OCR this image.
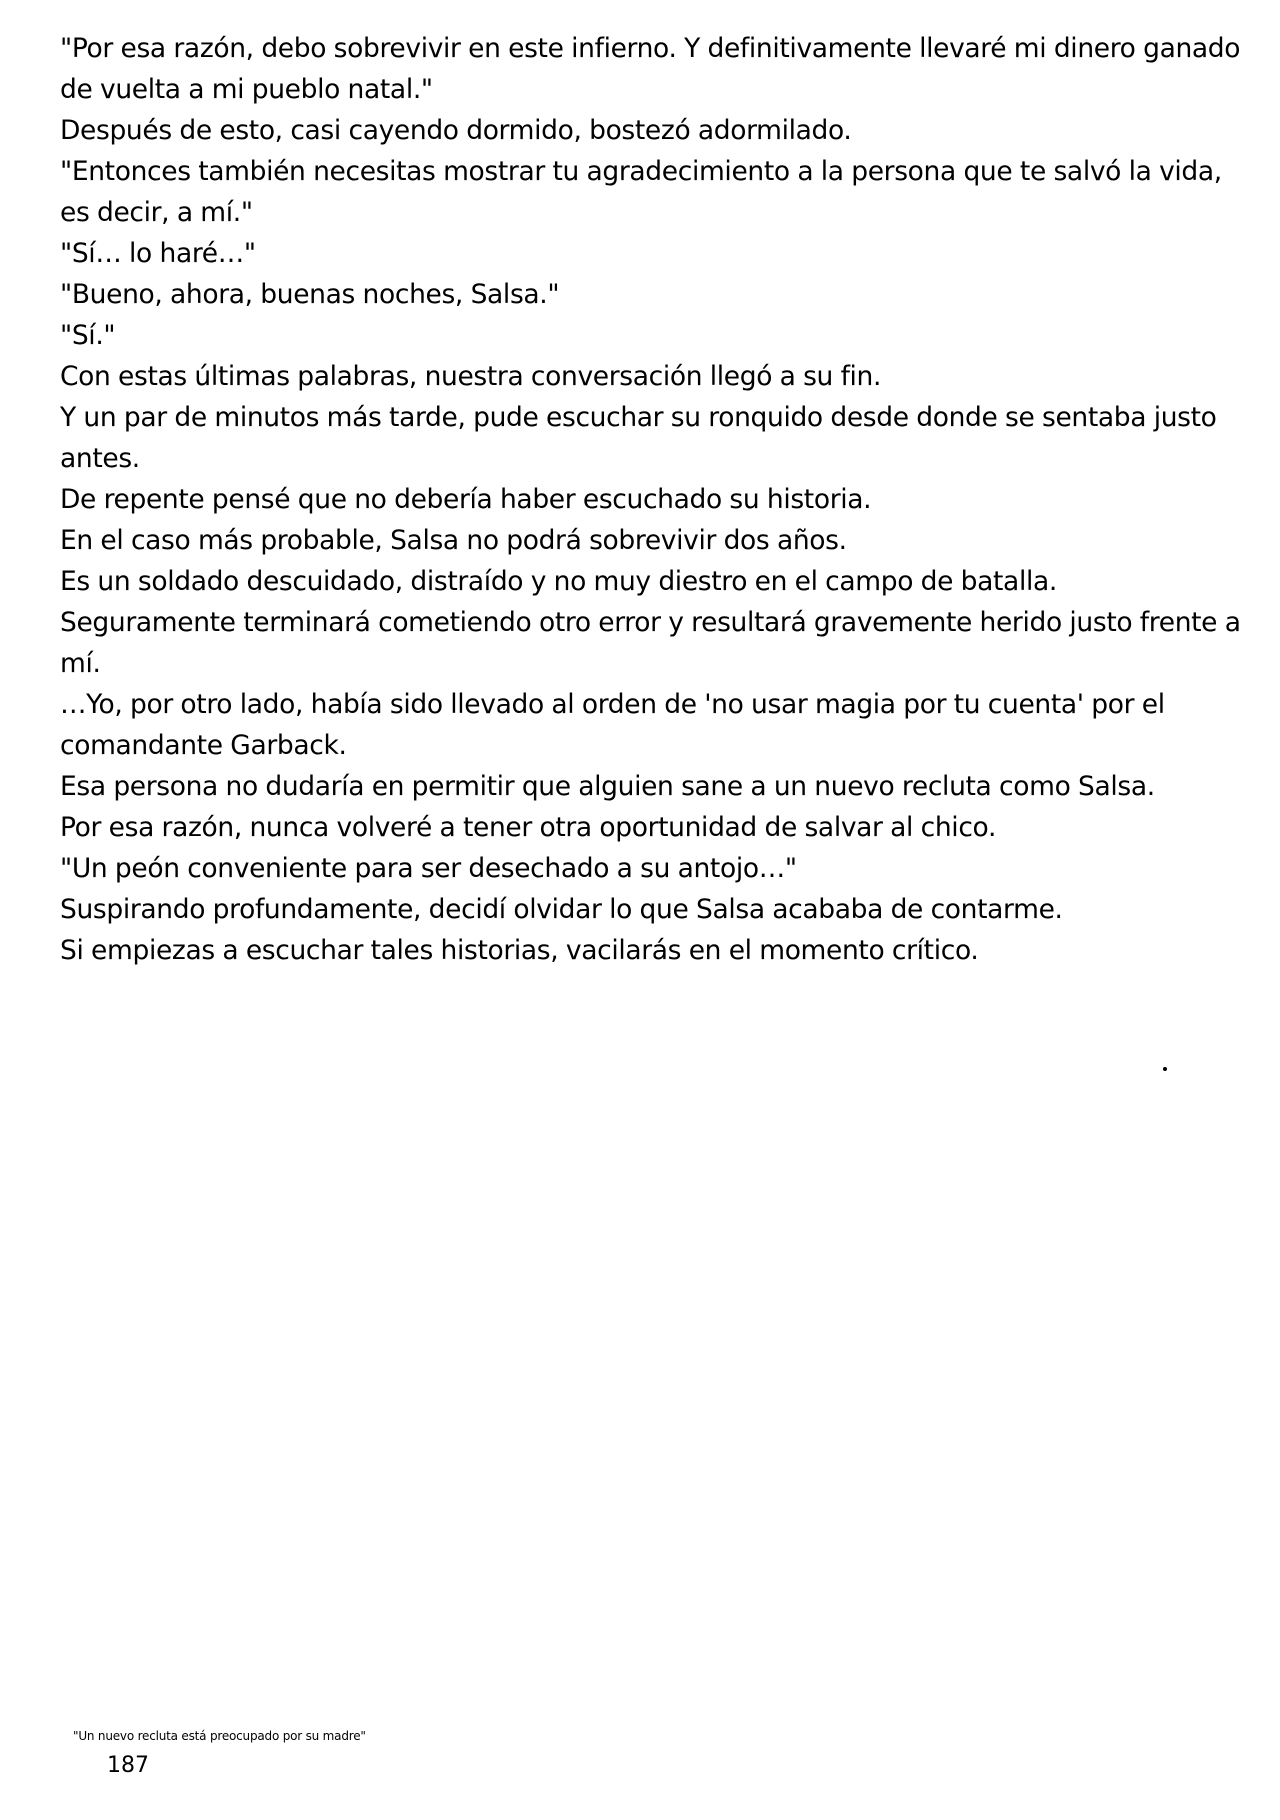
"Por esa razón, debo sobrevivir en este infierno. Y definitivamente llevaré mi dinero ganado de vuelta a mi pueblo natal."

Después de esto, casi cayendo dormido, bostezó adormilado.

"Entonces también necesitas mostrar tu agradecimiento a la persona que te salvó la vida, es decir, a mí."

"Sí… lo haré…"

"Bueno, ahora, buenas noches, Salsa."

"Sí."

Con estas últimas palabras, nuestra conversación llegó a su fin.

Y un par de minutos más tarde, pude escuchar su ronquido desde donde se sentaba justo antes.

De repente pensé que no debería haber escuchado su historia.

En el caso más probable, Salsa no podrá sobrevivir dos años.

Es un soldado descuidado, distraído y no muy diestro en el campo de batalla.

Seguramente terminará cometiendo otro error y resultará gravemente herido justo frente a mí.

…Yo, por otro lado, había sido llevado al orden de 'no usar magia por tu cuenta' por el comandante Garback.

Esa persona no dudaría en permitir que alguien sane a un nuevo recluta como Salsa.

Por esa razón, nunca volveré a tener otra oportunidad de salvar al chico.

"Un peón conveniente para ser desechado a su antojo…"

Suspirando profundamente, decidí olvidar lo que Salsa acababa de contarme.

Si empiezas a escuchar tales historias, vacilarás en el momento crítico.

"Un nuevo recluta está preocupado por su madre"

187
